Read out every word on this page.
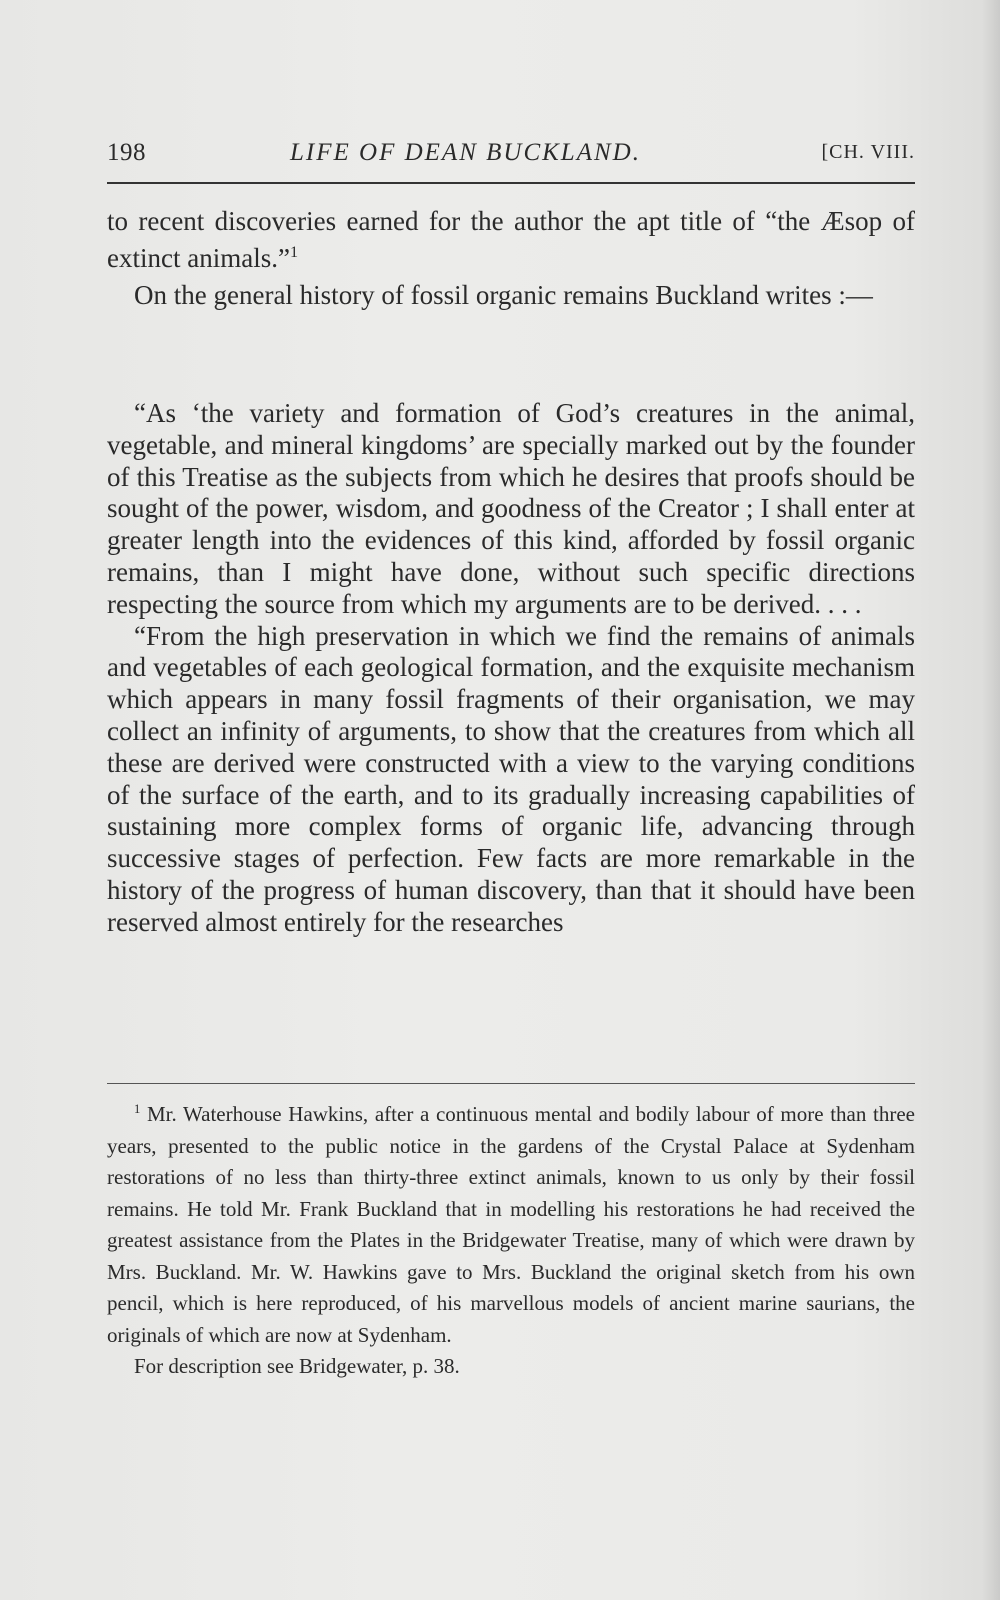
198	LIFE OF DEAN BUCKLAND.	[CH. VIII.

to recent discoveries earned for the author the apt title of “the Æsop of extinct animals.”$^1$

On the general history of fossil organic remains Buckland writes :—

“As ‘the variety and formation of God’s creatures in the animal, vegetable, and mineral kingdoms’ are specially marked out by the founder of this Treatise as the subjects from which he desires that proofs should be sought of the power, wisdom, and goodness of the Creator ; I shall enter at greater length into the evidences of this kind, afforded by fossil organic remains, than I might have done, without such specific directions respecting the source from which my arguments are to be derived. . . .

“From the high preservation in which we find the remains of animals and vegetables of each geological formation, and the exquisite mechanism which appears in many fossil fragments of their organisation, we may collect an infinity of arguments, to show that the creatures from which all these are derived were constructed with a view to the varying conditions of the surface of the earth, and to its gradually increasing capabilities of sustaining more complex forms of organic life, advancing through successive stages of perfection. Few facts are more remarkable in the history of the progress of human discovery, than that it should have been reserved almost entirely for the researches

$^1$ Mr. Waterhouse Hawkins, after a continuous mental and bodily labour of more than three years, presented to the public notice in the gardens of the Crystal Palace at Sydenham restorations of no less than thirty-three extinct animals, known to us only by their fossil remains. He told Mr. Frank Buckland that in modelling his restorations he had received the greatest assistance from the Plates in the Bridgewater Treatise, many of which were drawn by Mrs. Buckland. Mr. W. Hawkins gave to Mrs. Buckland the original sketch from his own pencil, which is here reproduced, of his marvellous models of ancient marine saurians, the originals of which are now at Sydenham.

For description see Bridgewater, p. 38.
